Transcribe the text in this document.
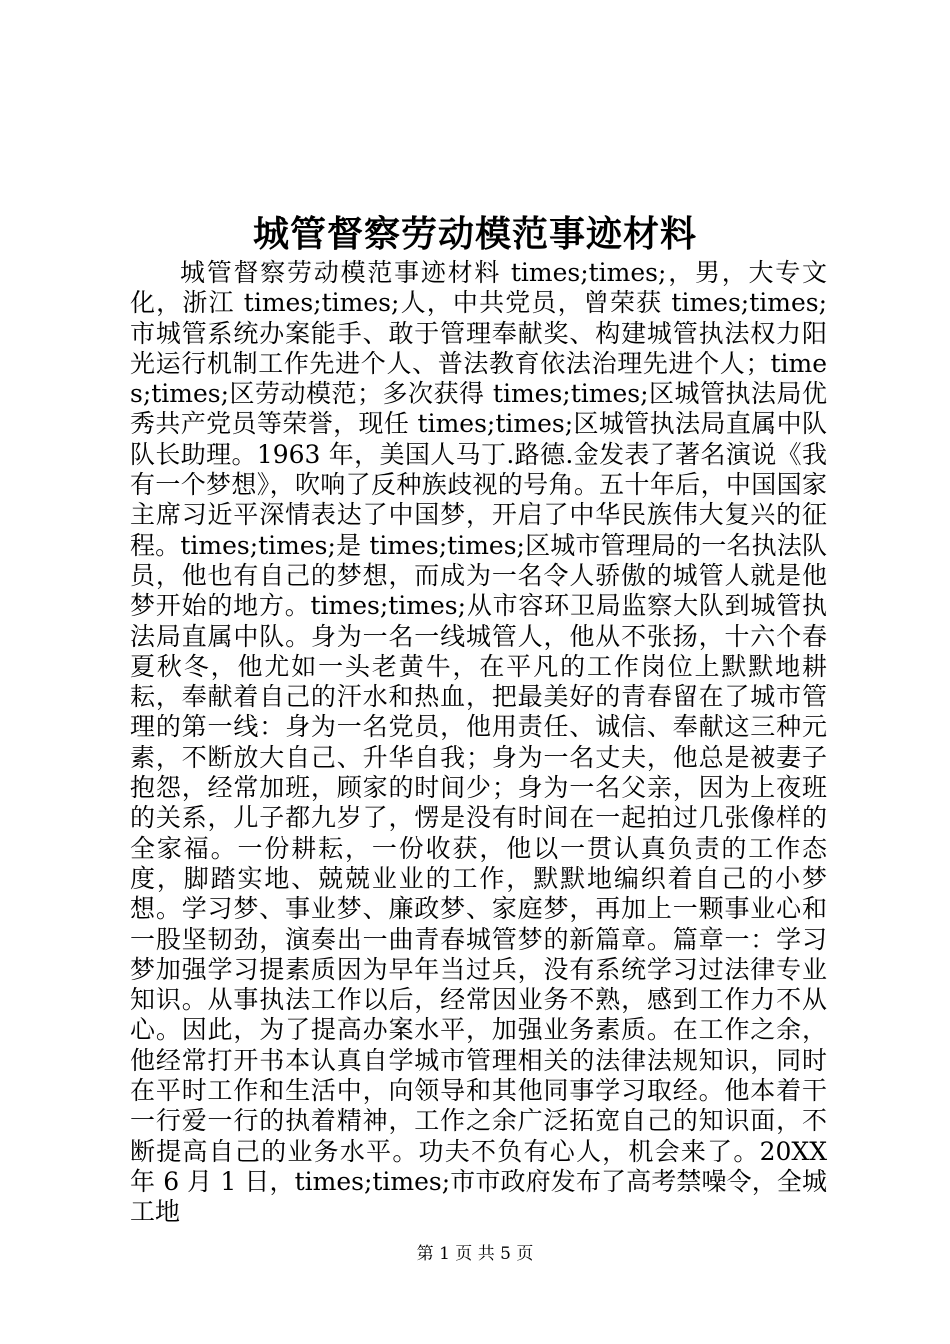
城管督察劳动模范事迹材料

城管督察劳动模范事迹材料 times;times;，男，大专文化，浙江 times;times;人，中共党员，曾荣获 times;times;市城管系统办案能手、敢于管理奉献奖、构建城管执法权力阳光运行机制工作先进个人、普法教育依法治理先进个人；times;times;区劳动模范；多次获得 times;times;区城管执法局优秀共产党员等荣誉，现任 times;times;区城管执法局直属中队队长助理。1963 年，美国人马丁.路德.金发表了著名演说《我有一个梦想》，吹响了反种族歧视的号角。五十年后，中国国家主席习近平深情表达了中国梦，开启了中华民族伟大复兴的征程。times;times;是 times;times;区城市管理局的一名执法队员，他也有自己的梦想，而成为一名令人骄傲的城管人就是他梦开始的地方。times;times;从市容环卫局监察大队到城管执法局直属中队。身为一名一线城管人，他从不张扬，十六个春夏秋冬，他尤如一头老黄牛，在平凡的工作岗位上默默地耕耘，奉献着自己的汗水和热血，把最美好的青春留在了城市管理的第一线：身为一名党员，他用责任、诚信、奉献这三种元素，不断放大自己、升华自我；身为一名丈夫，他总是被妻子抱怨，经常加班，顾家的时间少；身为一名父亲，因为上夜班的关系，儿子都九岁了，愣是没有时间在一起拍过几张像样的全家福。一份耕耘，一份收获，他以一贯认真负责的工作态度，脚踏实地、兢兢业业的工作，默默地编织着自己的小梦想。学习梦、事业梦、廉政梦、家庭梦，再加上一颗事业心和一股坚韧劲，演奏出一曲青春城管梦的新篇章。篇章一：学习梦加强学习提素质因为早年当过兵，没有系统学习过法律专业知识。从事执法工作以后，经常因业务不熟，感到工作力不从心。因此，为了提高办案水平，加强业务素质。在工作之余，他经常打开书本认真自学城市管理相关的法律法规知识，同时在平时工作和生活中，向领导和其他同事学习取经。他本着干一行爱一行的执着精神，工作之余广泛拓宽自己的知识面，不断提高自己的业务水平。功夫不负有心人，机会来了。20XX 年 6 月 1 日，times;times;市市政府发布了高考禁噪令，全城工地

第 1 页 共 5 页
